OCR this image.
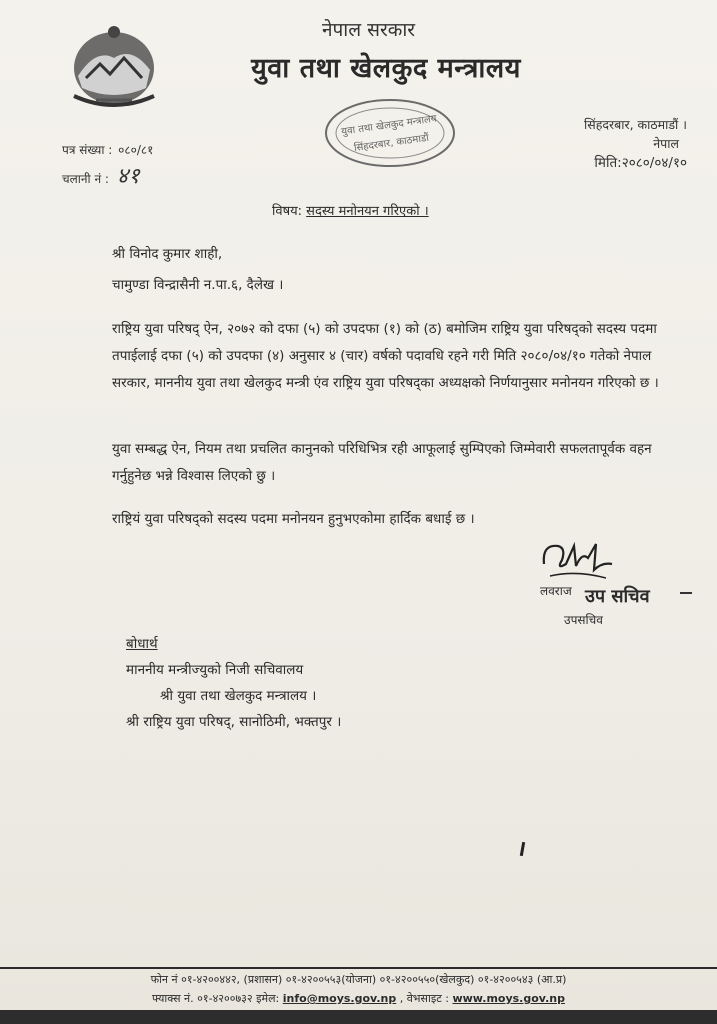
नेपाल सरकार
युवा तथा खेलकुद मन्त्रालय
युवा तथा खेलकुद मन्त्रालय
सिंहदरबार, काठमाडौं
पत्र संख्या : ०८०/८१
चलानी नं : ४१
सिंहदरबार, काठमाडौं ।
नेपाल
मिति:२०८०/०४/१०
विषय: सदस्य मनोनयन गरिएको ।
श्री विनोद कुमार शाही,
चामुण्डा विन्द्रासैनी न.पा.६, दैलेख ।
राष्ट्रिय युवा परिषद् ऐन, २०७२ को दफा (५) को उपदफा (१) को (ठ) बमोजिम राष्ट्रिय युवा परिषद्को सदस्य पदमा तपाईलाई दफा (५) को उपदफा (४) अनुसार ४ (चार) वर्षको पदावधि रहने गरी मिति २०८०/०४/१० गतेको नेपाल सरकार, माननीय युवा तथा खेलकुद मन्त्री एंव राष्ट्रिय युवा परिषद्का अध्यक्षको निर्णयानुसार मनोनयन गरिएको छ ।
युवा सम्बद्ध ऐन, नियम तथा प्रचलित कानुनको परिधिभित्र रही आफूलाई सुम्पिएको जिम्मेवारी सफलतापूर्वक वहन गर्नुहुनेछ भन्ने विश्वास लिएको छु ।
राष्ट्रियं युवा परिषद्को सदस्य पदमा मनोनयन हुनुभएकोमा हार्दिक बधाई छ ।
लवराज उप सचिव
उपसचिव
बोधार्थ
माननीय मन्त्रीज्युको निजी सचिवालय
श्री युवा तथा खेलकुद मन्त्रालय ।
श्री राष्ट्रिय युवा परिषद्, सानोठिमी, भक्तपुर ।
फोन नं ०१-४२००४४२, (प्रशासन) ०१-४२००५५३(योजना) ०१-४२००५५०(खेलकुद) ०१-४२००५४३ (आ.प्र)
फ्याक्स नं. ०१-४२००७३२ इमेल: info@moys.gov.np , वेभसाइट : www.moys.gov.np
